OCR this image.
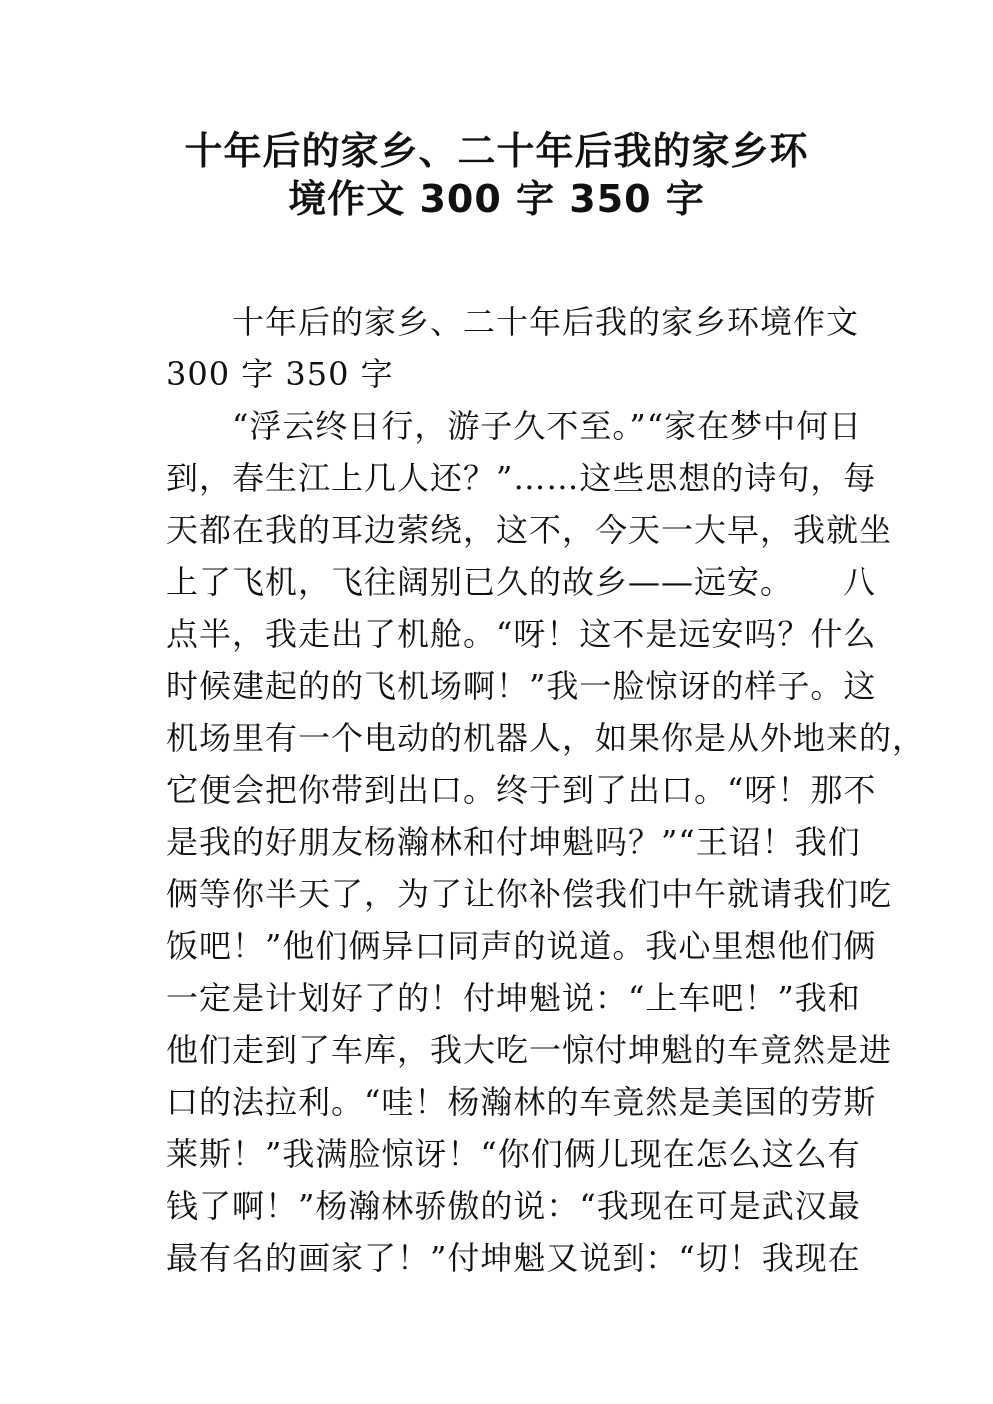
十年后的家乡、二十年后我的家乡环
境作文 300 字 350 字
　　十年后的家乡、二十年后我的家乡环境作文
300 字 350 字
　　“浮云终日行，游子久不至。”“家在梦中何日
到，春生江上几人还？”……这些思想的诗句，每
天都在我的耳边萦绕，这不，今天一大早，我就坐
上了飞机，飞往阔别已久的故乡——远安。　　八
点半，我走出了机舱。“呀！这不是远安吗？什么
时候建起的的飞机场啊！”我一脸惊讶的样子。这
机场里有一个电动的机器人，如果你是从外地来的，
它便会把你带到出口。终于到了出口。“呀！那不
是我的好朋友杨瀚林和付坤魁吗？”“王诏！我们
俩等你半天了，为了让你补偿我们中午就请我们吃
饭吧！”他们俩异口同声的说道。我心里想他们俩
一定是计划好了的！付坤魁说：“上车吧！”我和
他们走到了车库，我大吃一惊付坤魁的车竟然是进
口的法拉利。“哇！杨瀚林的车竟然是美国的劳斯
莱斯！”我满脸惊讶！“你们俩儿现在怎么这么有
钱了啊！”杨瀚林骄傲的说：“我现在可是武汉最
最有名的画家了！”付坤魁又说到：“切！我现在
